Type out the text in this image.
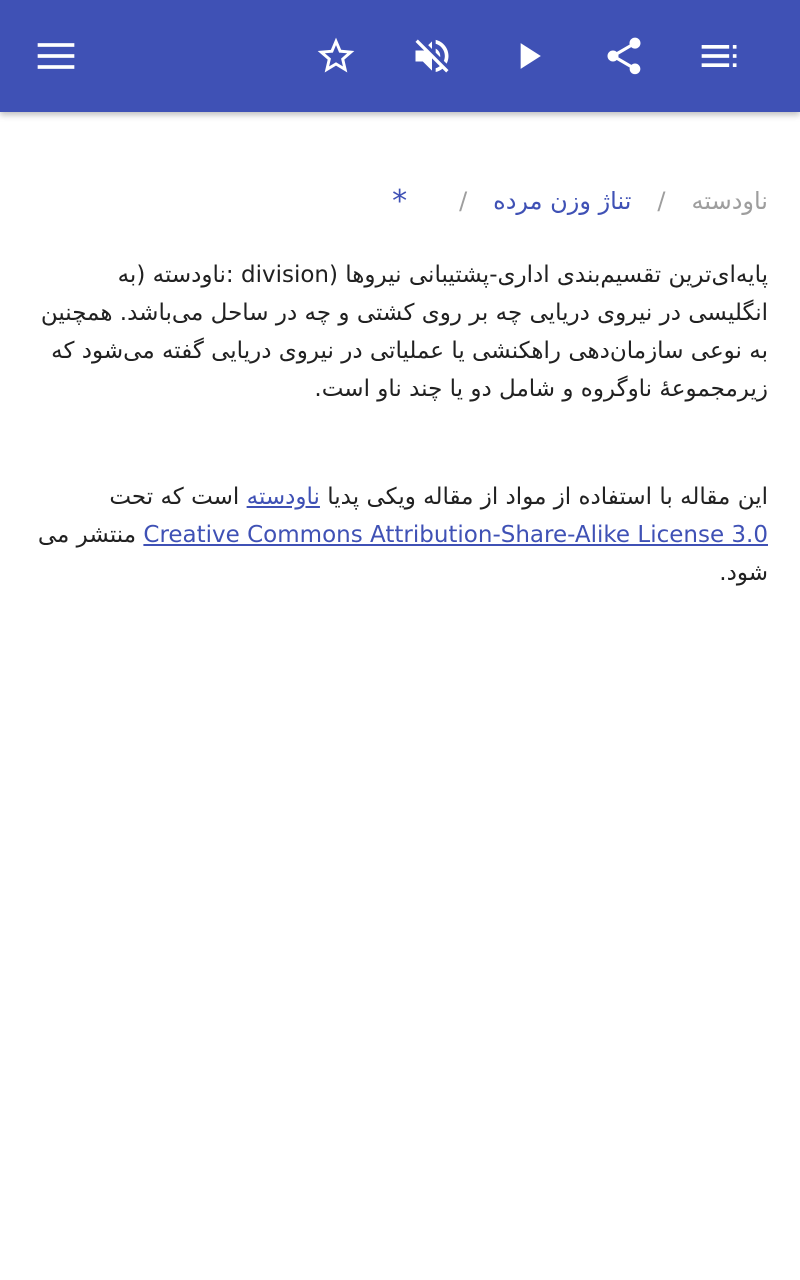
ناودسته
/
تناژ وزن مرده
/
*

پایه‌ای‌ترین تقسیم‌بندی اداری-پشتیبانی نیروها (division :ناودسته (به انگلیسی در نیروی دریایی چه بر روی کشتی و چه در ساحل می‌باشد. همچنین به نوعی سازمان‌دهی راهکنشی یا عملیاتی در نیروی دریایی گفته می‌شود که زیرمجموعهٔ ناوگروه و شامل دو یا چند ناو است.

این مقاله با استفاده از مواد از مقاله ویکی پدیا ناودسته است که تحت Creative Commons Attribution-Share-Alike License 3.0 منتشر می شود.
